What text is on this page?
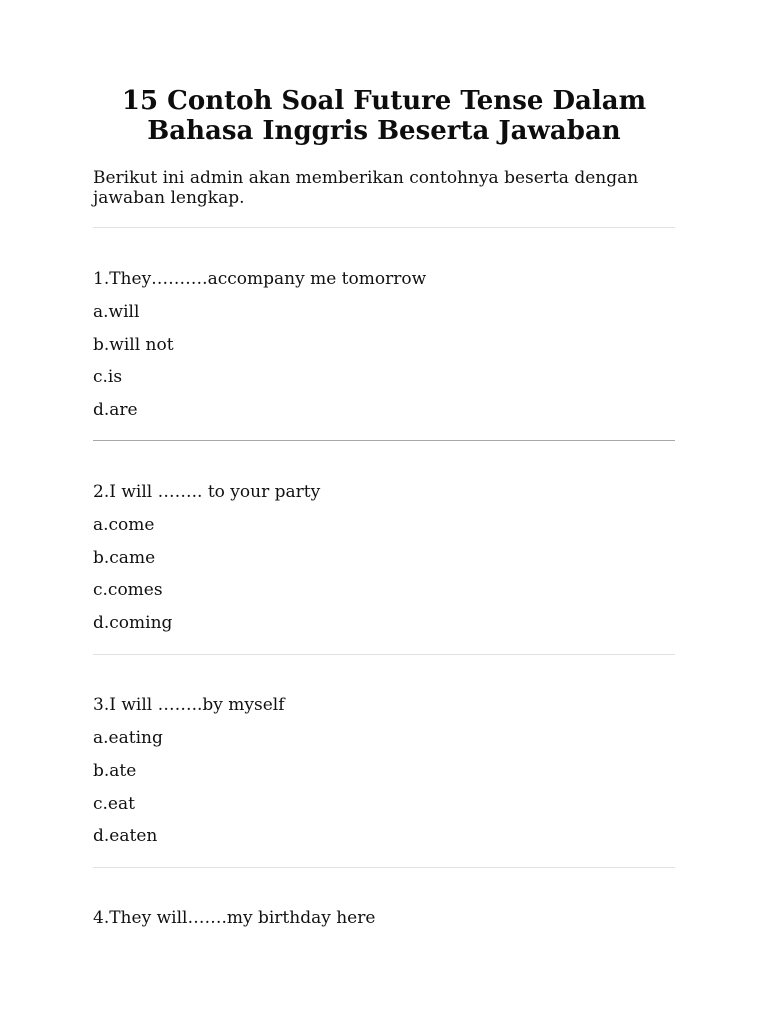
15 Contoh Soal Future Tense Dalam Bahasa Inggris Beserta Jawaban

Berikut ini admin akan memberikan contohnya beserta dengan jawaban lengkap.

1.They……….accompany me tomorrow

a.will

b.will not

c.is

d.are

2.I will …….. to your party

a.come

b.came

c.comes

d.coming

3.I will ……..by myself

a.eating

b.ate

c.eat

d.eaten

4.They will…….my birthday here
